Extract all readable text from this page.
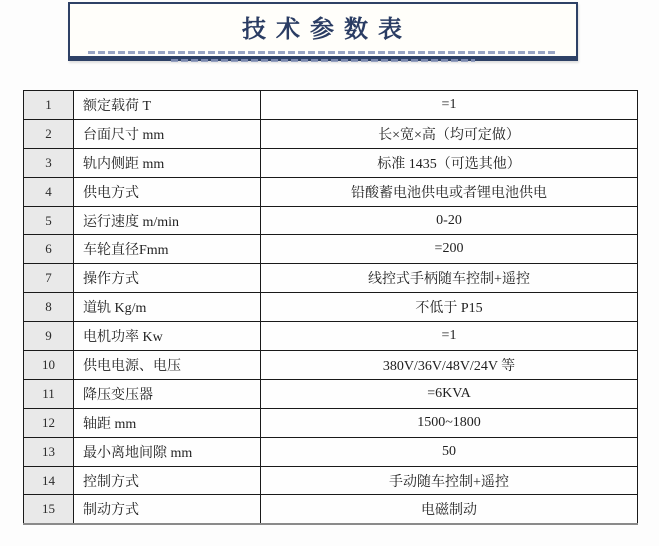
技 术 参 数 表
1	额定载荷 T	=1
2	台面尺寸 mm	长×宽×高（均可定做）
3	轨内侧距 mm	标准 1435（可选其他）
4	供电方式	铅酸蓄电池供电或者锂电池供电
5	运行速度 m/min	0-20
6	车轮直径Fmm	=200
7	操作方式	线控式手柄随车控制+遥控
8	道轨 Kg/m	不低于 P15
9	电机功率 Kw	=1
10	供电电源、电压	380V/36V/48V/24V 等
11	降压变压器	=6KVA
12	轴距 mm	1500~1800
13	最小离地间隙 mm	50
14	控制方式	手动随车控制+遥控
15	制动方式	电磁制动
